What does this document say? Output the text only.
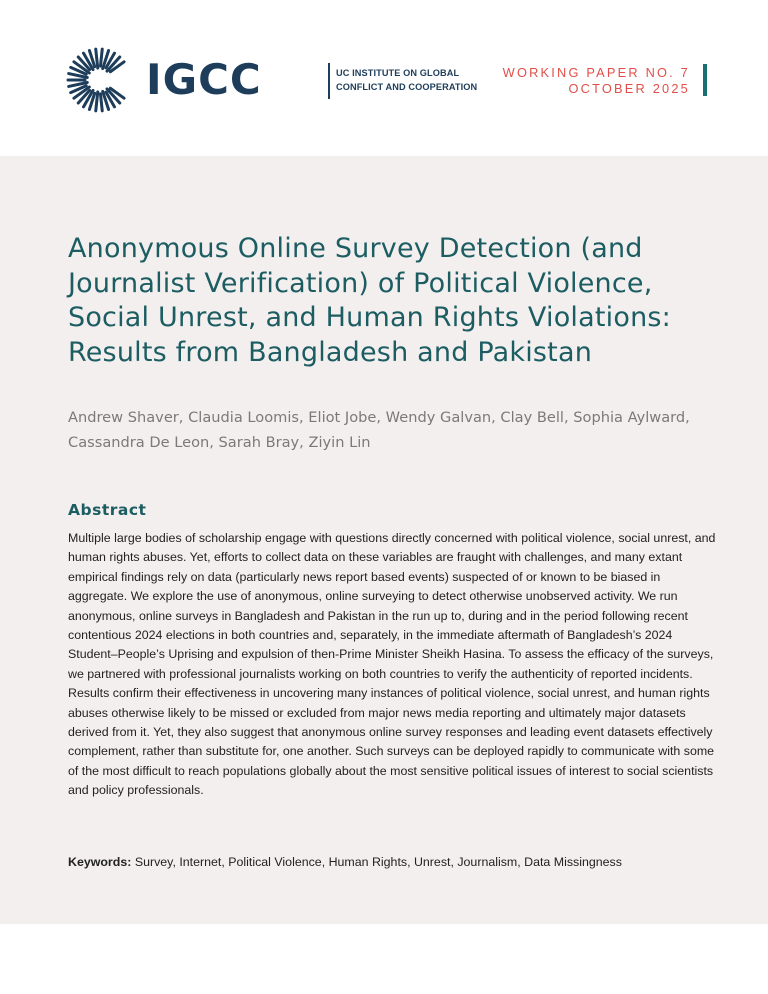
IGCC	UC INSTITUTE ON GLOBAL
CONFLICT AND COOPERATION
WORKING PAPER NO. 7
OCTOBER 2025
Anonymous Online Survey Detection (and Journalist Verification) of Political Violence, Social Unrest, and Human Rights Violations: Results from Bangladesh and Pakistan
Andrew Shaver, Claudia Loomis, Eliot Jobe, Wendy Galvan, Clay Bell, Sophia Aylward, Cassandra De Leon, Sarah Bray, Ziyin Lin
Abstract

Multiple large bodies of scholarship engage with questions directly concerned with political violence, social unrest, and human rights abuses. Yet, efforts to collect data on these variables are fraught with challenges, and many extant empirical findings rely on data (particularly news report based events) suspected of or known to be biased in aggregate. We explore the use of anonymous, online surveying to detect otherwise unobserved activity. We run anonymous, online surveys in Bangladesh and Pakistan in the run up to, during and in the period following recent contentious 2024 elections in both countries and, separately, in the immediate aftermath of Bangladesh’s 2024 Student–People’s Uprising and expulsion of then-Prime Minister Sheikh Hasina. To assess the efficacy of the surveys, we partnered with professional journalists working on both countries to verify the authenticity of reported incidents. Results confirm their effectiveness in uncovering many instances of political violence, social unrest, and human rights abuses otherwise likely to be missed or excluded from major news media reporting and ultimately major datasets derived from it. Yet, they also suggest that anonymous online survey responses and leading event datasets effectively complement, rather than substitute for, one another. Such surveys can be deployed rapidly to communicate with some of the most difficult to reach populations globally about the most sensitive political issues of interest to social scientists and policy professionals.

Keywords: Survey, Internet, Political Violence, Human Rights, Unrest, Journalism, Data Missingness
